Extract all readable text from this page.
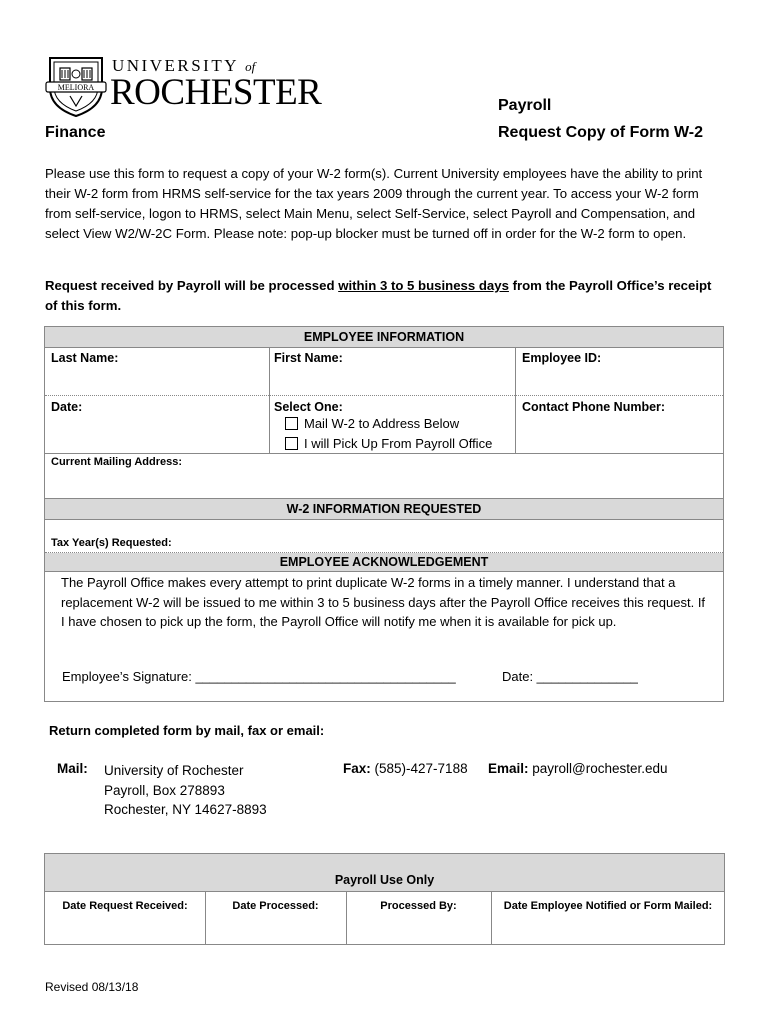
MELIORA
UNIVERSITY of
ROCHESTER
Finance
Payroll
Request Copy of Form W-2
Please use this form to request a copy of your W-2 form(s). Current University employees have the ability to print their W-2 form from HRMS self-service for the tax years 2009 through the current year. To access your W-2 form from self-service, logon to HRMS, select Main Menu, select Self-Service, select Payroll and Compensation, and select View W2/W-2C Form. Please note: pop-up blocker must be turned off in order for the W-2 form to open.
Request received by Payroll will be processed within 3 to 5 business days from the Payroll Office’s receipt of this form.
EMPLOYEE INFORMATION
Last Name:	First Name:	Employee ID:
Date:	Select One:
Mail W-2 to Address Below
I will Pick Up From Payroll Office
Contact Phone Number:
Current Mailing Address:
W-2 INFORMATION REQUESTED
Tax Year(s) Requested:
EMPLOYEE ACKNOWLEDGEMENT
The Payroll Office makes every attempt to print duplicate W-2 forms in a timely manner. I understand that a replacement W-2 will be issued to me within 3 to 5 business days after the Payroll Office receives this request. If I have chosen to pick up the form, the Payroll Office will notify me when it is available for pick up.
Employee’s Signature: ____________________________________	Date: ______________
Return completed form by mail, fax or email:
Mail: University of Rochester
Payroll, Box 278893
Rochester, NY 14627-8893
Fax: (585)-427-7188 Email: payroll@rochester.edu
Payroll Use Only
Date Request Received:	Date Processed:	Processed By:	Date Employee Notified or Form Mailed:
Revised 08/13/18
